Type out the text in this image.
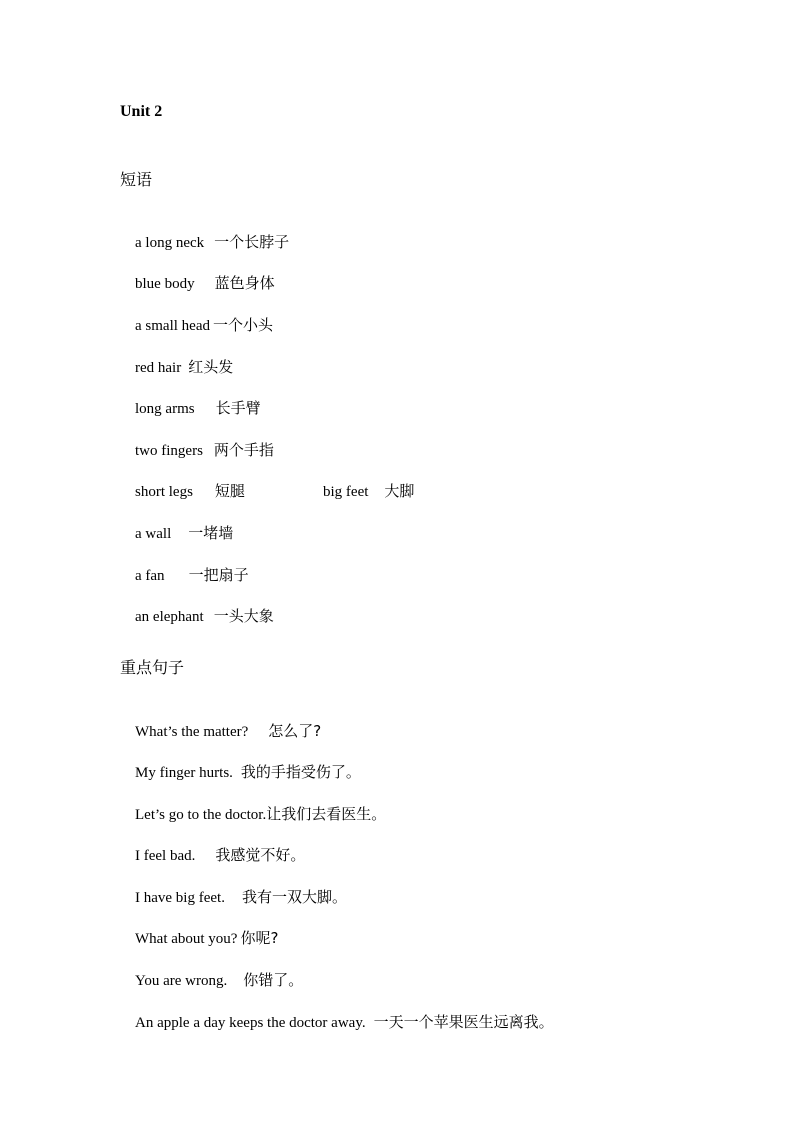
Unit 2
短语

a long neck 一个长脖子

blue body 蓝色身体

a small head 一个小头

red hair 红头发

long arms 长手臂

two fingers 两个手指

short legs 短腿
	big feet 大脚

a wall 一堵墙

a fan 一把扇子

an elephant 一头大象

重点句子

What’s the matter? 怎么了?

My finger hurts. 我的手指受伤了。

Let’s go to the doctor.让我们去看医生。

I feel bad. 我感觉不好。

I have big feet. 我有一双大脚。

What about you? 你呢?

You are wrong. 你错了。

An apple a day keeps the doctor away. 一天一个苹果医生远离我。
